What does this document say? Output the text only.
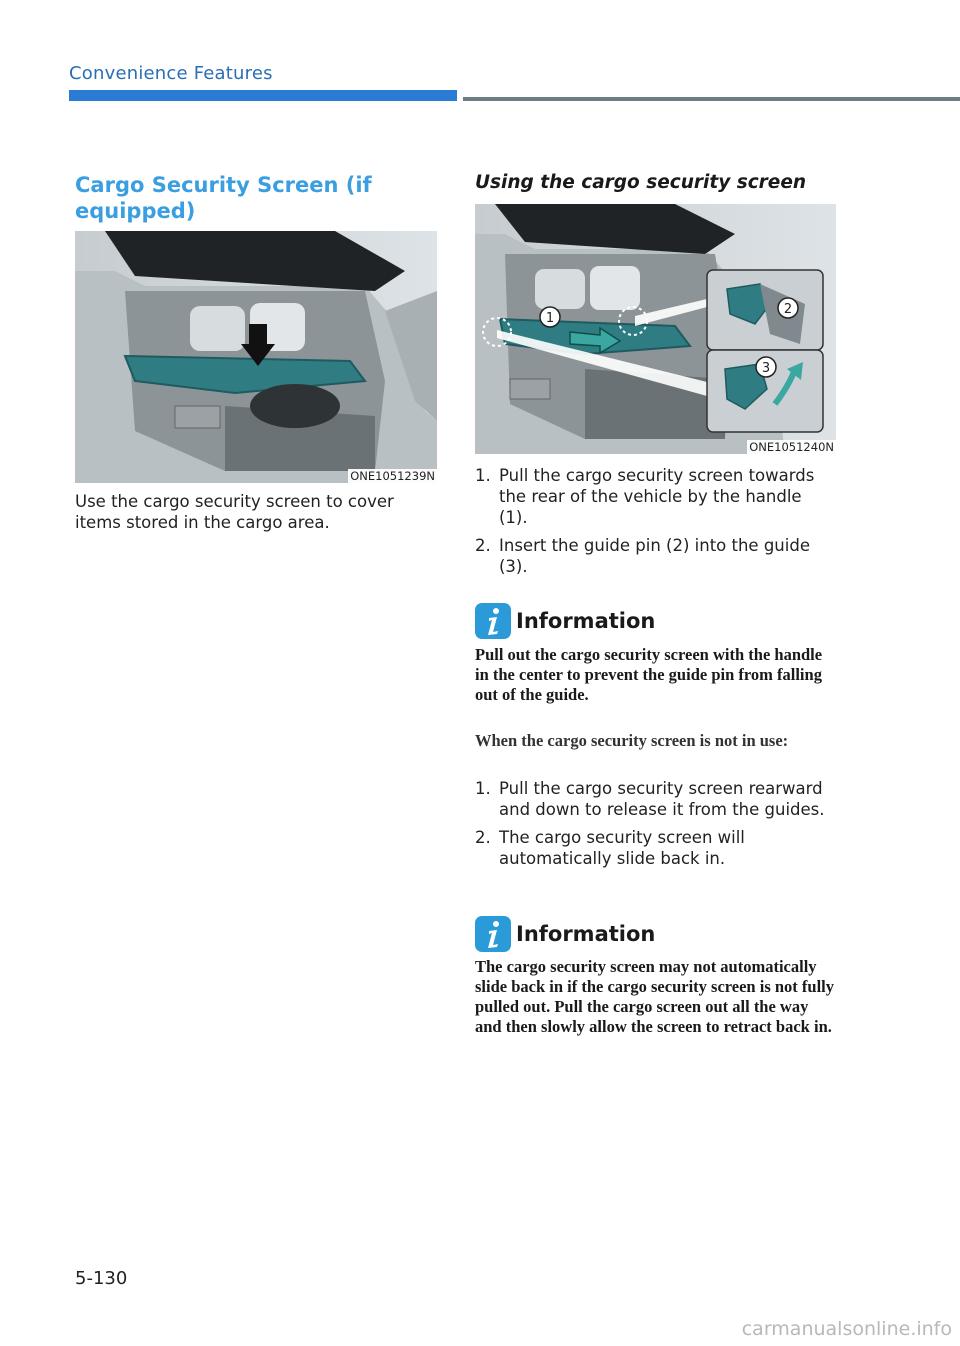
Convenience Features
Cargo Security Screen (if equipped)
ONE1051239N
Use the cargo security screen to cover items stored in the cargo area.
Using the cargo security screen
1
2
3
ONE1051240N
1. Pull the cargo security screen towards the rear of the vehicle by the handle (1).
2. Insert the guide pin (2) into the guide (3).
Information
Pull out the cargo security screen with the handle in the center to prevent the guide pin from falling out of the guide.
When the cargo security screen is not in use:
1. Pull the cargo security screen rearward and down to release it from the guides.
2. The cargo security screen will automatically slide back in.
Information
The cargo security screen may not automatically slide back in if the cargo security screen is not fully pulled out. Pull the cargo screen out all the way and then slowly allow the screen to retract back in.
5-130
carmanualsonline.info
